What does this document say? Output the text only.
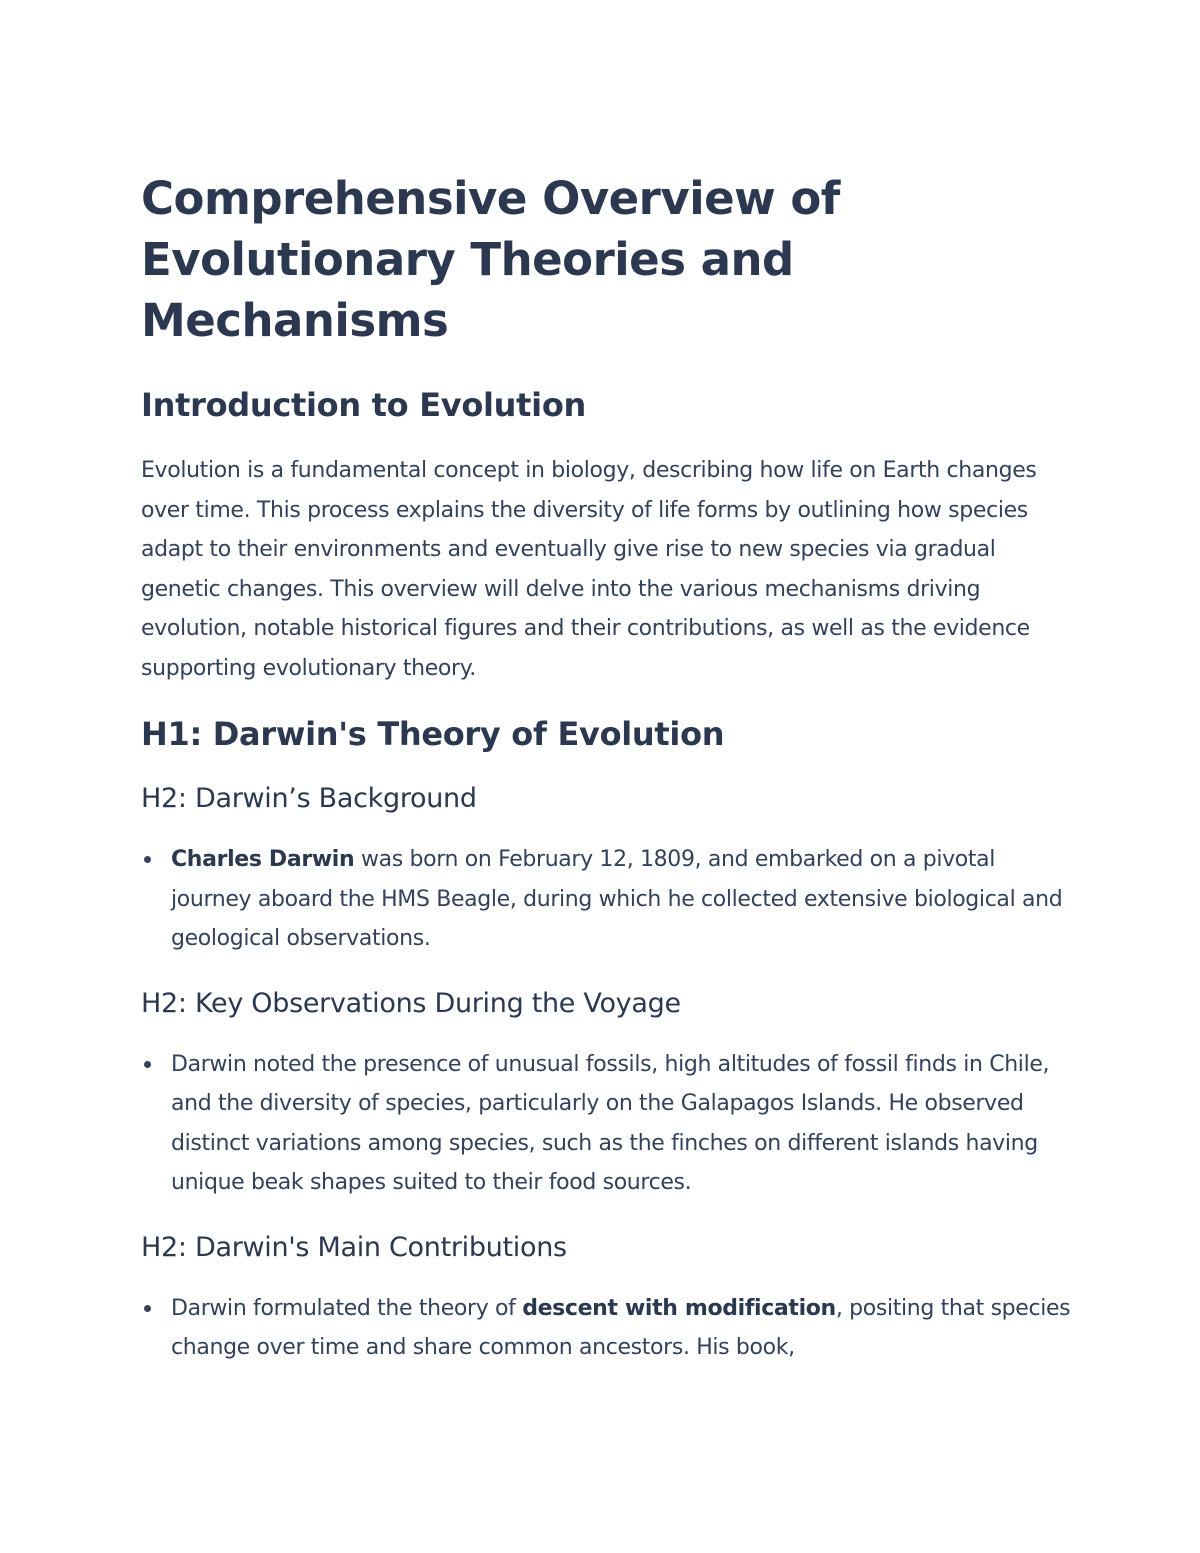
Comprehensive Overview of
Evolutionary Theories and Mechanisms
Introduction to Evolution

Evolution is a fundamental concept in biology, describing how life on Earth changes over time. This process explains the diversity of life forms by outlining how species adapt to their environments and eventually give rise to new species via gradual genetic changes. This overview will delve into the various mechanisms driving evolution, notable historical figures and their contributions, as well as the evidence supporting evolutionary theory.

H1: Darwin's Theory of Evolution
H2: Darwin’s Background
Charles Darwin was born on February 12, 1809, and embarked on a pivotal journey aboard the HMS Beagle, during which he collected extensive biological and geological observations.
H2: Key Observations During the Voyage
Darwin noted the presence of unusual fossils, high altitudes of fossil finds in Chile, and the diversity of species, particularly on the Galapagos Islands. He observed distinct variations among species, such as the finches on different islands having unique beak shapes suited to their food sources.
H2: Darwin's Main Contributions
Darwin formulated the theory of descent with modification, positing that species change over time and share common ancestors. His book,
